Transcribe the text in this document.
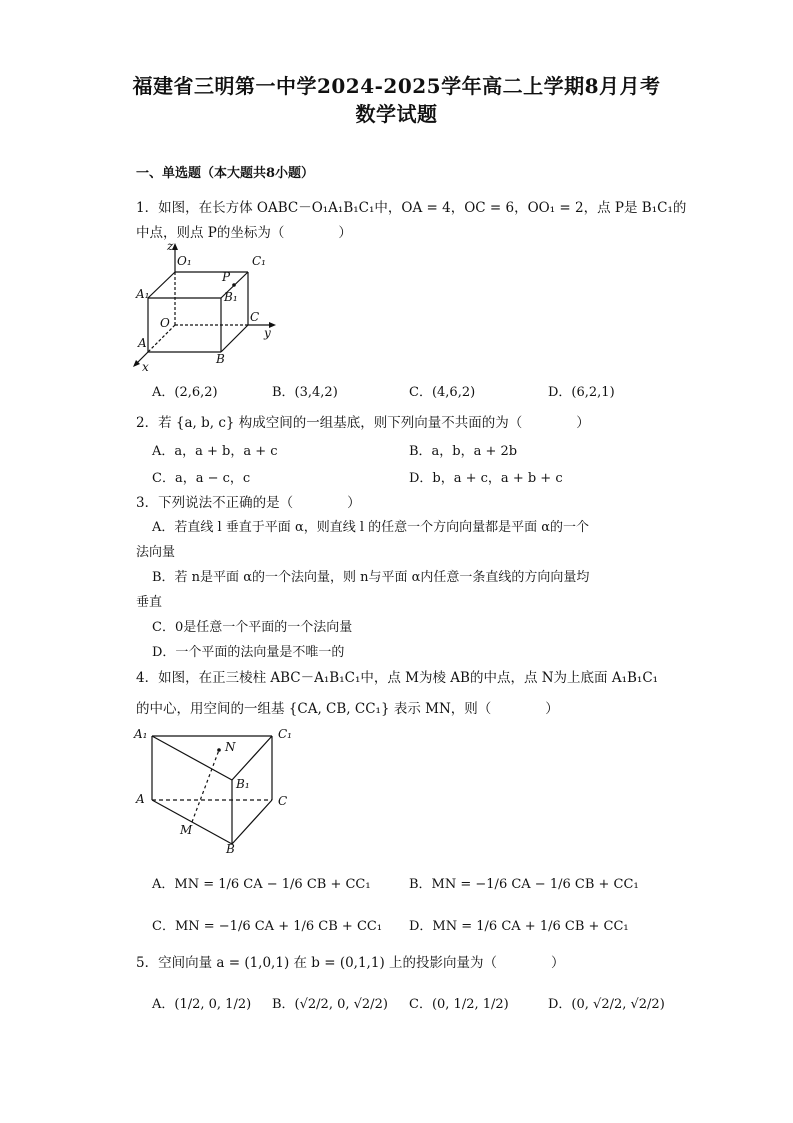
福建省三明第一中学2024-2025学年高二上学期8月月考
数学试题
一、单选题（本大题共8小题）
1．如图，在长方体 OABC－O₁A₁B₁C₁中，OA = 4，OC = 6，OO₁ = 2，点 P是 B₁C₁的
中点，则点 P的坐标为（　　　　）
z
O₁	C₁
P
A₁	B₁
O	C
y
A
B
x
A．(2,6,2)	B．(3,4,2)	C．(4,6,2)	D．(6,2,1)
2．若 {a, b, c} 构成空间的一组基底，则下列向量不共面的为（　　　　）
A．a，a + b，a + c	B．a，b，a + 2b
C．a，a − c，c	D．b，a + c，a + b + c
3．下列说法不正确的是（　　　　）
A．若直线 l 垂直于平面 α，则直线 l 的任意一个方向向量都是平面 α的一个
法向量
B．若 n是平面 α的一个法向量，则 n与平面 α内任意一条直线的方向向量均
垂直
C．0是任意一个平面的一个法向量
D．一个平面的法向量是不唯一的
4．如图，在正三棱柱 ABC－A₁B₁C₁中，点 M为棱 AB的中点，点 N为上底面 A₁B₁C₁
的中心，用空间的一组基 {CA, CB, CC₁} 表示 MN，则（　　　　）
A₁
N
C₁
B₁
A	C
M
B
A．MN = 1/6 CA − 1/6 CB + CC₁	B．MN = −1/6 CA − 1/6 CB + CC₁
C．MN = −1/6 CA + 1/6 CB + CC₁ D．MN = 1/6 CA + 1/6 CB + CC₁
5．空间向量 a = (1,0,1) 在 b = (0,1,1) 上的投影向量为（　　　　）
A．(1/2, 0, 1/2) B．(√2/2, 0, √2/2) C．(0, 1/2, 1/2)	D．(0, √2/2, √2/2)
